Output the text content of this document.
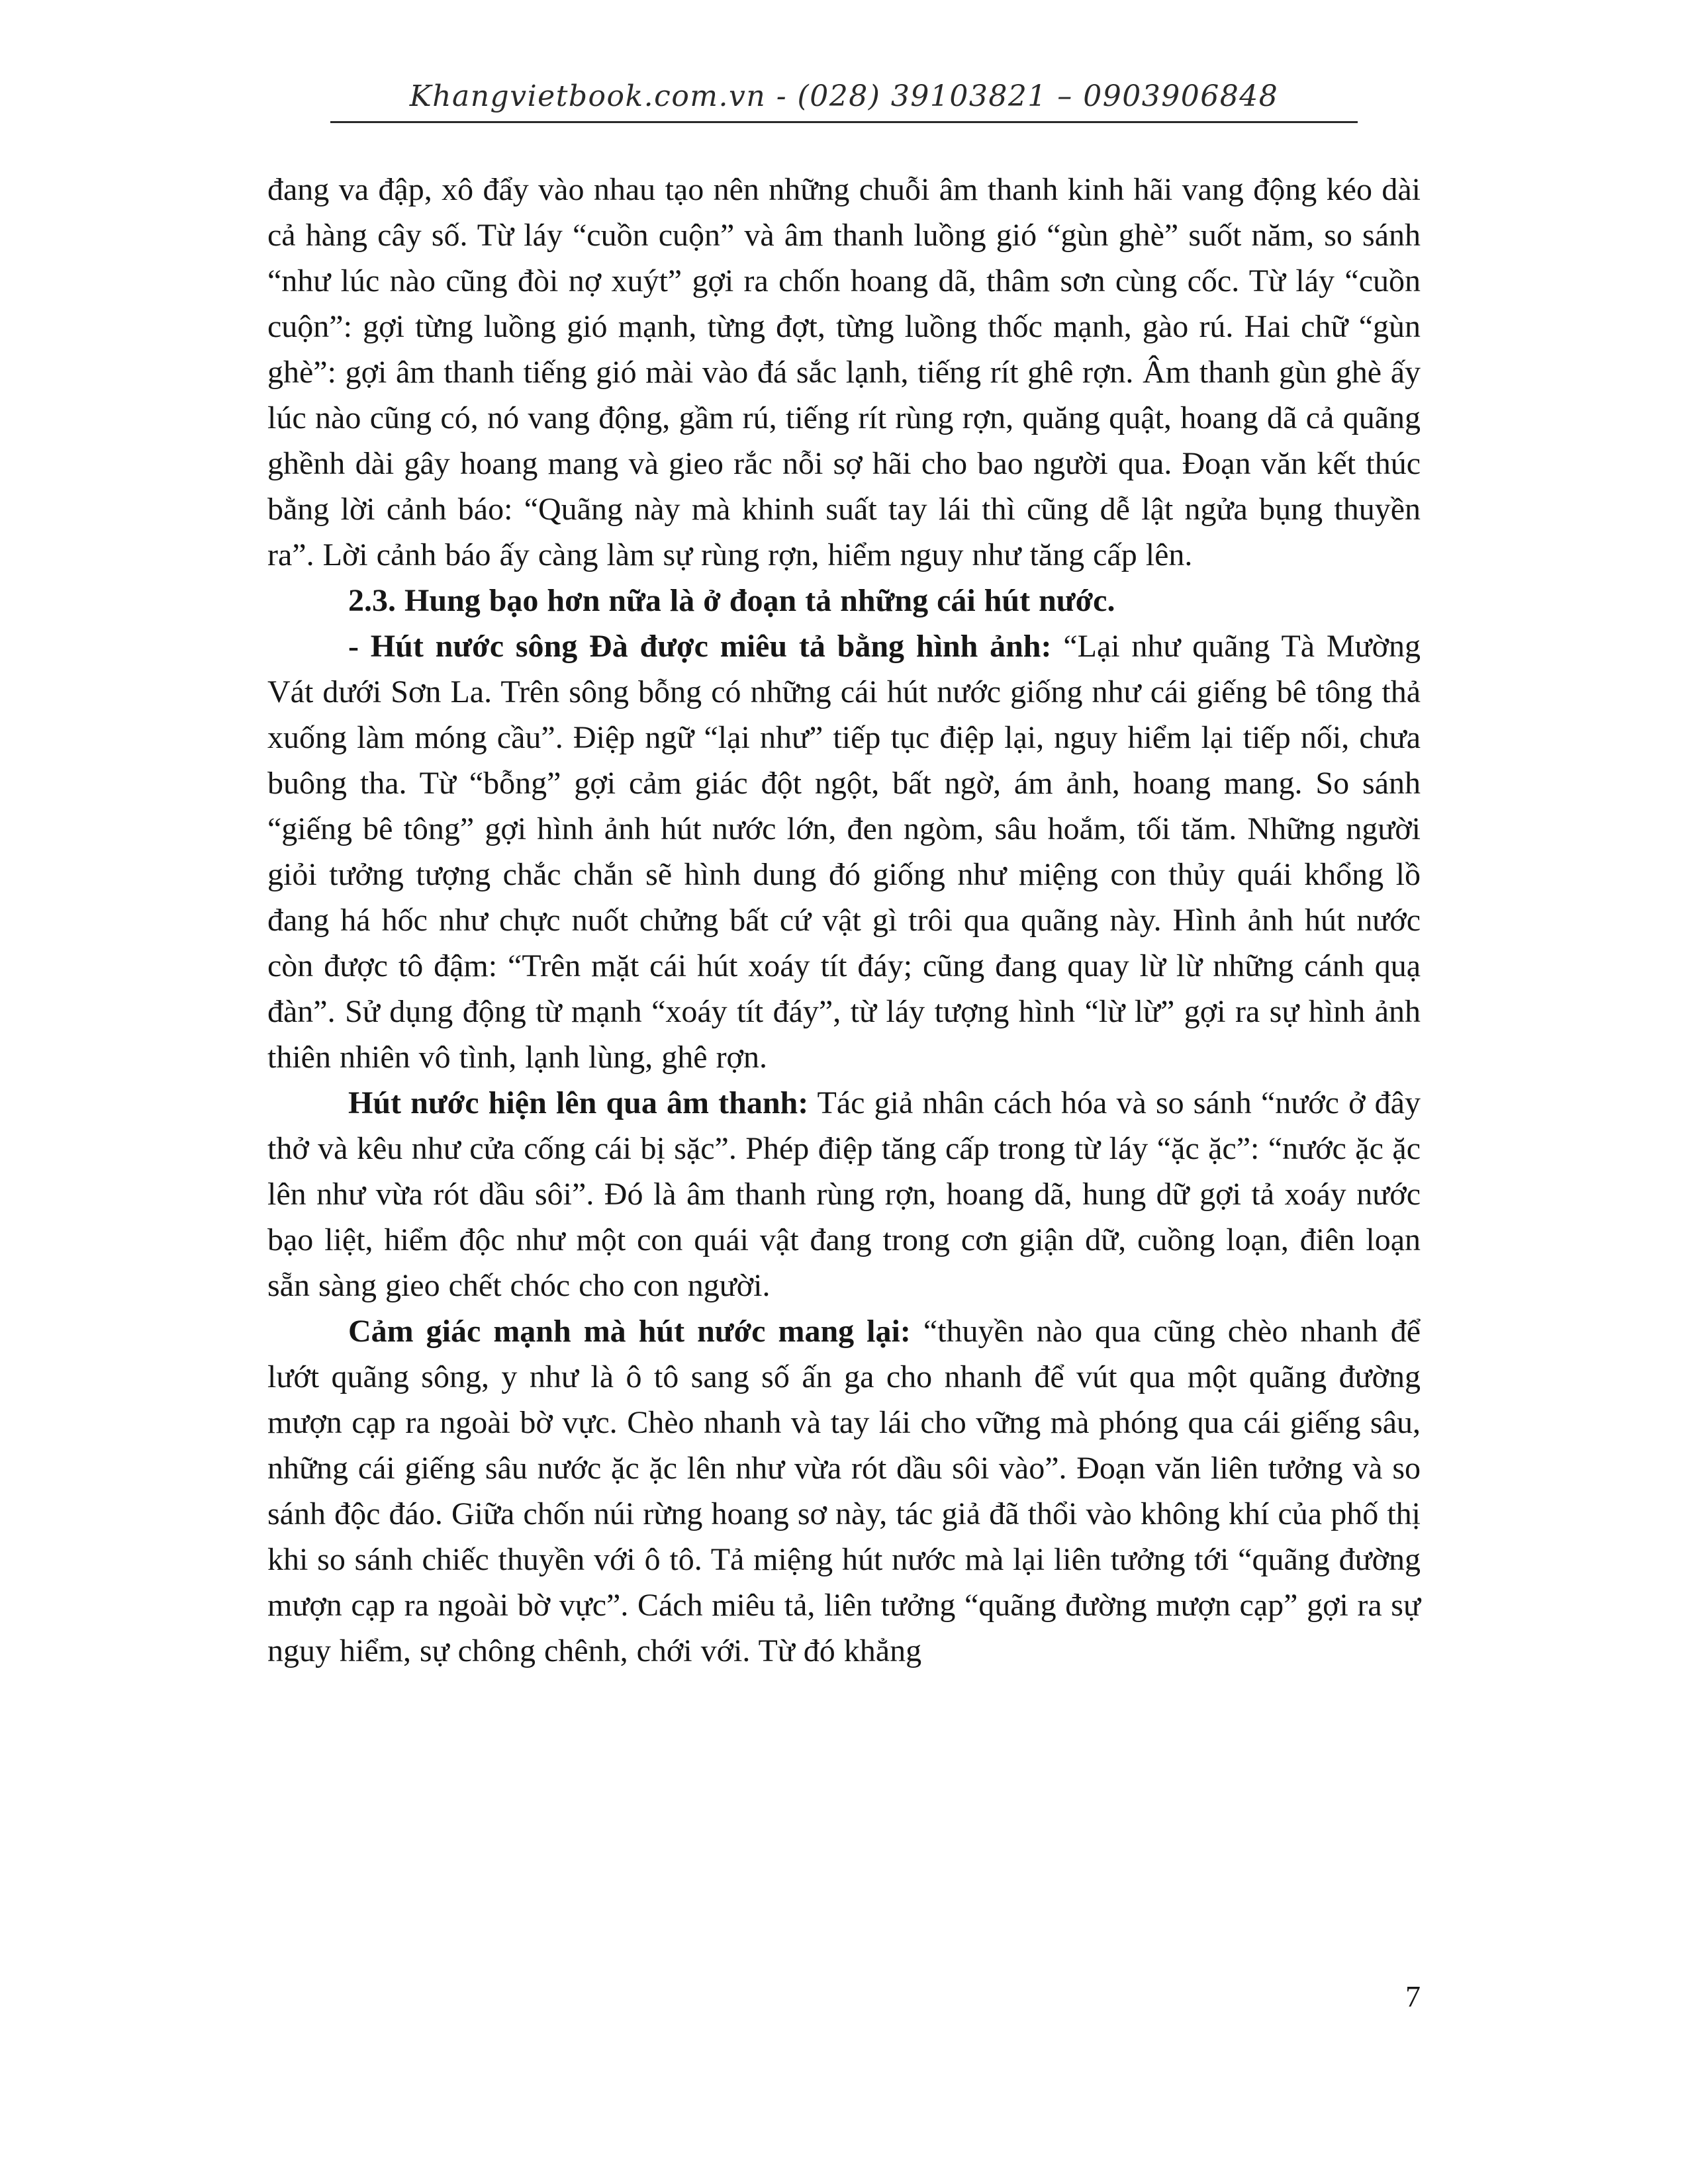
Khangvietbook.com.vn - (028) 39103821 – 0903906848

đang va đập, xô đẩy vào nhau tạo nên những chuỗi âm thanh kinh hãi vang động kéo dài cả hàng cây số. Từ láy “cuồn cuộn” và âm thanh luồng gió “gùn ghè” suốt năm, so sánh “như lúc nào cũng đòi nợ xuýt” gợi ra chốn hoang dã, thâm sơn cùng cốc. Từ láy “cuồn cuộn”: gợi từng luồng gió mạnh, từng đợt, từng luồng thốc mạnh, gào rú. Hai chữ “gùn ghè”: gợi âm thanh tiếng gió mài vào đá sắc lạnh, tiếng rít ghê rợn. Âm thanh gùn ghè ấy lúc nào cũng có, nó vang động, gầm rú, tiếng rít rùng rợn, quăng quật, hoang dã cả quãng ghềnh dài gây hoang mang và gieo rắc nỗi sợ hãi cho bao người qua. Đoạn văn kết thúc bằng lời cảnh báo: “Quãng này mà khinh suất tay lái thì cũng dễ lật ngửa bụng thuyền ra”. Lời cảnh báo ấy càng làm sự rùng rợn, hiểm nguy như tăng cấp lên.

2.3. Hung bạo hơn nữa là ở đoạn tả những cái hút nước.

- Hút nước sông Đà được miêu tả bằng hình ảnh: “Lại như quãng Tà Mường Vát dưới Sơn La. Trên sông bỗng có những cái hút nước giống như cái giếng bê tông thả xuống làm móng cầu”. Điệp ngữ “lại như” tiếp tục điệp lại, nguy hiểm lại tiếp nối, chưa buông tha. Từ “bỗng” gợi cảm giác đột ngột, bất ngờ, ám ảnh, hoang mang. So sánh “giếng bê tông” gợi hình ảnh hút nước lớn, đen ngòm, sâu hoắm, tối tăm. Những người giỏi tưởng tượng chắc chắn sẽ hình dung đó giống như miệng con thủy quái khổng lồ đang há hốc như chực nuốt chửng bất cứ vật gì trôi qua quãng này. Hình ảnh hút nước còn được tô đậm: “Trên mặt cái hút xoáy tít đáy; cũng đang quay lừ lừ những cánh quạ đàn”. Sử dụng động từ mạnh “xoáy tít đáy”, từ láy tượng hình “lừ lừ” gợi ra sự hình ảnh thiên nhiên vô tình, lạnh lùng, ghê rợn.

Hút nước hiện lên qua âm thanh: Tác giả nhân cách hóa và so sánh “nước ở đây thở và kêu như cửa cống cái bị sặc”. Phép điệp tăng cấp trong từ láy “ặc ặc”: “nước ặc ặc lên như vừa rót dầu sôi”. Đó là âm thanh rùng rợn, hoang dã, hung dữ gợi tả xoáy nước bạo liệt, hiểm độc như một con quái vật đang trong cơn giận dữ, cuồng loạn, điên loạn sẵn sàng gieo chết chóc cho con người.

Cảm giác mạnh mà hút nước mang lại: “thuyền nào qua cũng chèo nhanh để lướt quãng sông, y như là ô tô sang số ấn ga cho nhanh để vút qua một quãng đường mượn cạp ra ngoài bờ vực. Chèo nhanh và tay lái cho vững mà phóng qua cái giếng sâu, những cái giếng sâu nước ặc ặc lên như vừa rót dầu sôi vào”. Đoạn văn liên tưởng và so sánh độc đáo. Giữa chốn núi rừng hoang sơ này, tác giả đã thổi vào không khí của phố thị khi so sánh chiếc thuyền với ô tô. Tả miệng hút nước mà lại liên tưởng tới “quãng đường mượn cạp ra ngoài bờ vực”. Cách miêu tả, liên tưởng “quãng đường mượn cạp” gợi ra sự nguy hiểm, sự chông chênh, chới với. Từ đó khẳng

7
